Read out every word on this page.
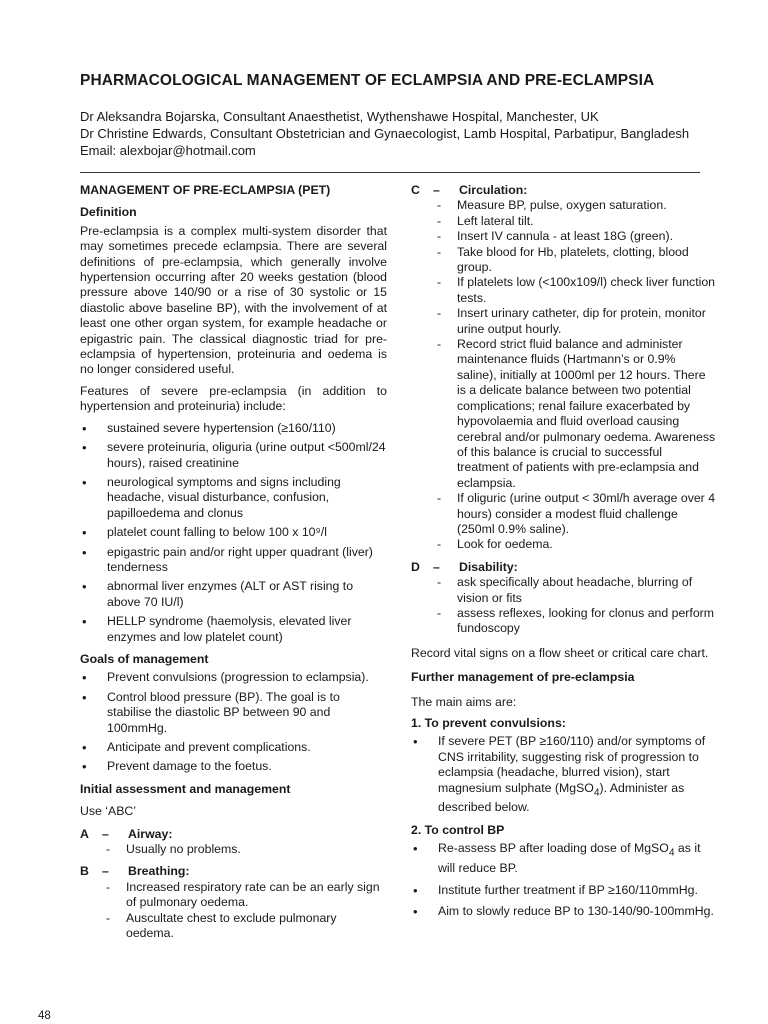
PHARMACOLOGICAL MANAGEMENT OF ECLAMPSIA AND PRE-ECLAMPSIA
Dr Aleksandra Bojarska, Consultant Anaesthetist, Wythenshawe Hospital, Manchester, UK
Dr Christine Edwards, Consultant Obstetrician and Gynaecologist, Lamb Hospital, Parbatipur, Bangladesh
Email: alexbojar@hotmail.com
MANAGEMENT OF PRE-ECLAMPSIA (PET)
Definition

Pre-eclampsia is a complex multi-system disorder that may sometimes precede eclampsia. There are several definitions of pre-eclampsia, which generally involve hypertension occurring after 20 weeks gestation (blood pressure above 140/90 or a rise of 30 systolic or 15 diastolic above baseline BP), with the involvement of at least one other organ system, for example headache or epigastric pain. The classical diagnostic triad for pre-eclampsia of hypertension, proteinuria and oedema is no longer considered useful.

Features of severe pre-eclampsia (in addition to hypertension and proteinuria) include:

• sustained severe hypertension (≥160/110)
• severe proteinuria, oliguria (urine output <500ml/24 hours), raised creatinine
• neurological symptoms and signs including headache, visual disturbance, confusion, papilloedema and clonus
• platelet count falling to below 100 x 10⁹/l
• epigastric pain and/or right upper quadrant (liver) tenderness
• abnormal liver enzymes (ALT or AST rising to above 70 IU/l)
• HELLP syndrome (haemolysis, elevated liver enzymes and low platelet count)
Goals of management
• Prevent convulsions (progression to eclampsia).
• Control blood pressure (BP). The goal is to stabilise the diastolic BP between 90 and 100mmHg.
• Anticipate and prevent complications.
• Prevent damage to the foetus.
Initial assessment and management

Use ‘ABC’

A	–	Airway:
- Usually no problems.
B	–	Breathing:
- Increased respiratory rate can be an early sign of pulmonary oedema.
- Auscultate chest to exclude pulmonary oedema.
C	–	Circulation:
- Measure BP, pulse, oxygen saturation.
- Left lateral tilt.
- Insert IV cannula - at least 18G (green).
- Take blood for Hb, platelets, clotting, blood group.
- If platelets low (<100x109/l) check liver function tests.
- Insert urinary catheter, dip for protein, monitor urine output hourly.
- Record strict fluid balance and administer maintenance fluids (Hartmann’s or 0.9% saline), initially at 1000ml per 12 hours. There is a delicate balance between two potential complications; renal failure exacerbated by hypovolaemia and fluid overload causing cerebral and/or pulmonary oedema. Awareness of this balance is crucial to successful treatment of patients with pre-eclampsia and eclampsia.
- If oliguric (urine output < 30ml/h average over 4 hours) consider a modest fluid challenge (250ml 0.9% saline).
- Look for oedema.
D	–	Disability:
- ask specifically about headache, blurring of vision or fits
- assess reflexes, looking for clonus and perform fundoscopy

Record vital signs on a flow sheet or critical care chart.

Further management of pre-eclampsia

The main aims are:

1. To prevent convulsions:
• If severe PET (BP ≥160/110) and/or symptoms of CNS irritability, suggesting risk of progression to eclampsia (headache, blurred vision), start magnesium sulphate (MgSO$_4$). Administer as described below.
2. To control BP
• Re-assess BP after loading dose of MgSO$_4$ as it will reduce BP.
• Institute further treatment if BP ≥160/110mmHg.
• Aim to slowly reduce BP to 130-140/90-100mmHg.
48
